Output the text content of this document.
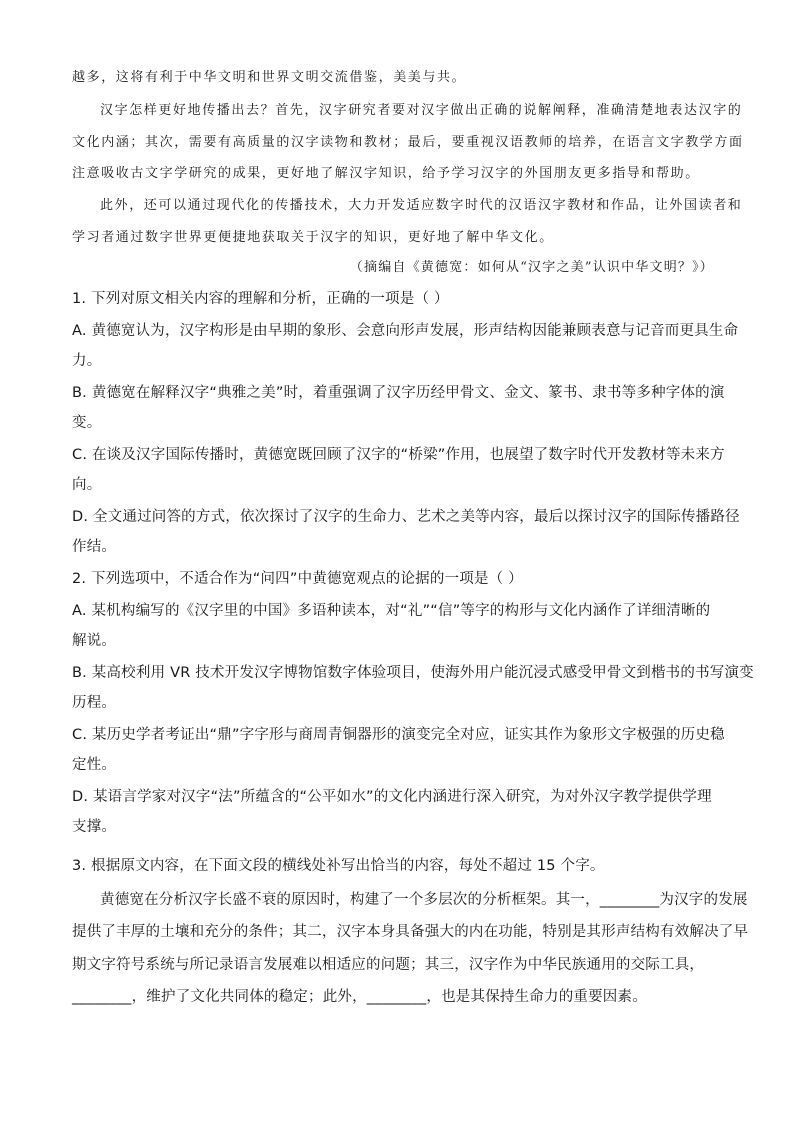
越多，这将有利于中华文明和世界文明交流借鉴，美美与共。
汉字怎样更好地传播出去？首先，汉字研究者要对汉字做出正确的说解阐释，准确清楚地表达汉字的
文化内涵；其次，需要有高质量的汉字读物和教材；最后，要重视汉语教师的培养，在语言文字教学方面
注意吸收古文字学研究的成果，更好地了解汉字知识，给予学习汉字的外国朋友更多指导和帮助。
此外，还可以通过现代化的传播技术，大力开发适应数字时代的汉语汉字教材和作品，让外国读者和
学习者通过数字世界更便捷地获取关于汉字的知识，更好地了解中华文化。
（摘编自《黄德宽：如何从“汉字之美”认识中华文明？》）
1. 下列对原文相关内容的理解和分析，正确的一项是（ ）
A. 黄德宽认为，汉字构形是由早期的象形、会意向形声发展，形声结构因能兼顾表意与记音而更具生命
力。
B. 黄德宽在解释汉字“典雅之美”时，着重强调了汉字历经甲骨文、金文、篆书、隶书等多种字体的演
变。
C. 在谈及汉字国际传播时，黄德宽既回顾了汉字的“桥梁”作用，也展望了数字时代开发教材等未来方
向。
D. 全文通过问答的方式，依次探讨了汉字的生命力、艺术之美等内容，最后以探讨汉字的国际传播路径
作结。
2. 下列选项中，不适合作为“问四”中黄德宽观点的论据的一项是（ ）
A. 某机构编写的《汉字里的中国》多语种读本，对“礼”“信”等字的构形与文化内涵作了详细清晰的
解说。
B. 某高校利用 VR 技术开发汉字博物馆数字体验项目，使海外用户能沉浸式感受甲骨文到楷书的书写演变
历程。
C. 某历史学者考证出“鼎”字字形与商周青铜器形的演变完全对应，证实其作为象形文字极强的历史稳
定性。
D. 某语言学家对汉字“法”所蕴含的“公平如水”的文化内涵进行深入研究，为对外汉字教学提供学理
支撑。
3. 根据原文内容，在下面文段的横线处补写出恰当的内容，每处不超过 15 个字。
黄德宽在分析汉字长盛不衰的原因时，构建了一个多层次的分析框架。其一，________为汉字的发展
提供了丰厚的土壤和充分的条件；其二，汉字本身具备强大的内在功能，特别是其形声结构有效解决了早
期文字符号系统与所记录语言发展难以相适应的问题；其三，汉字作为中华民族通用的交际工具，
________，维护了文化共同体的稳定；此外，________，也是其保持生命力的重要因素。
